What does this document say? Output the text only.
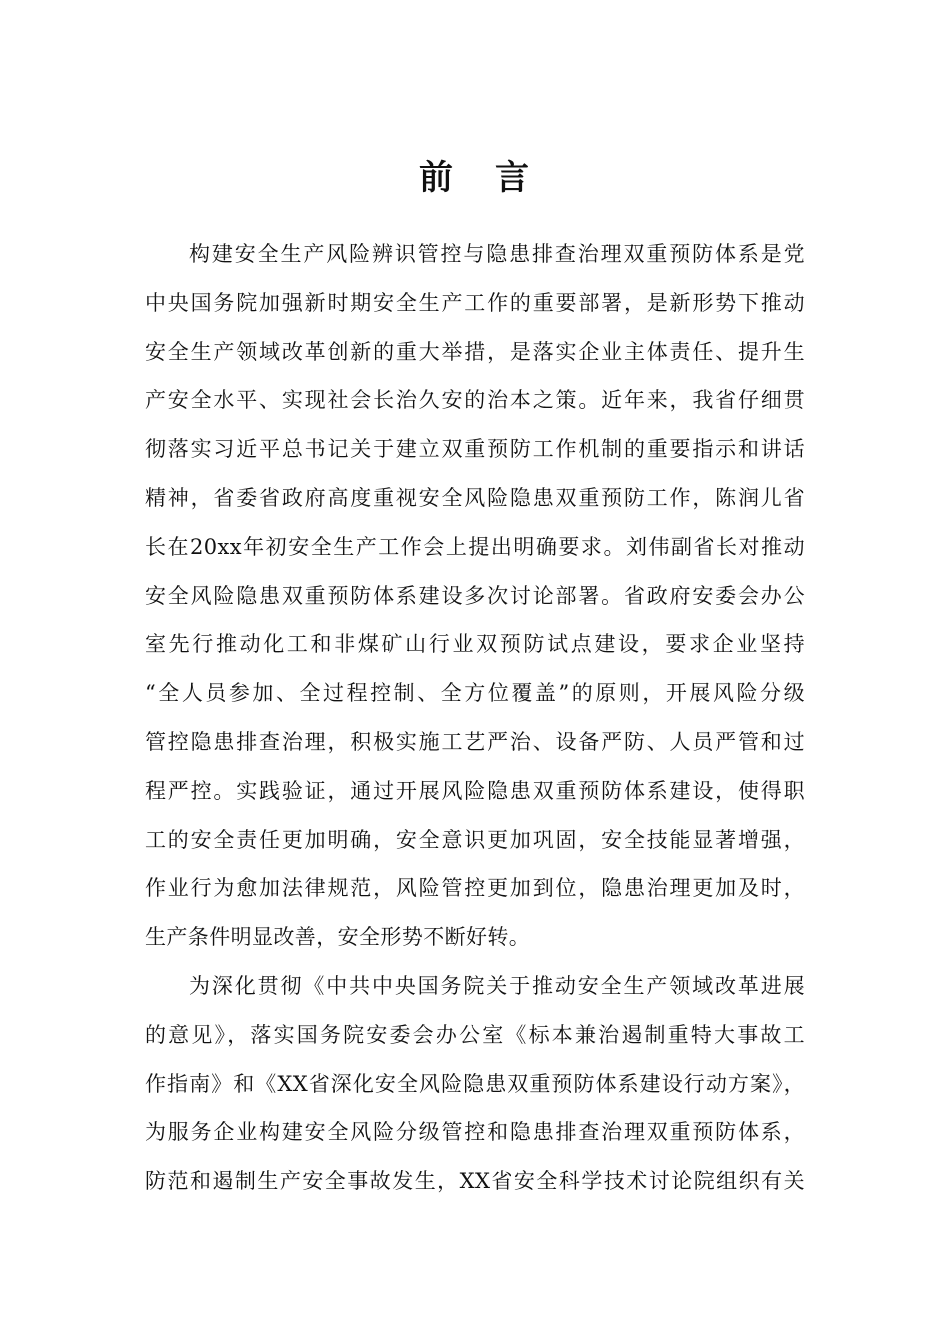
前 言
构建安全生产风险辨识管控与隐患排查治理双重预防体系是党
中央国务院加强新时期安全生产工作的重要部署，是新形势下推动
安全生产领域改革创新的重大举措，是落实企业主体责任、提升生
产安全水平、实现社会长治久安的治本之策。近年来，我省仔细贯
彻落实习近平总书记关于建立双重预防工作机制的重要指示和讲话
精神，省委省政府高度重视安全风险隐患双重预防工作，陈润儿省
长在20xx年初安全生产工作会上提出明确要求。刘伟副省长对推动
安全风险隐患双重预防体系建设多次讨论部署。省政府安委会办公
室先行推动化工和非煤矿山行业双预防试点建设，要求企业坚持
“全人员参加、全过程控制、全方位覆盖”的原则，开展风险分级
管控隐患排查治理，积极实施工艺严治、设备严防、人员严管和过
程严控。实践验证，通过开展风险隐患双重预防体系建设，使得职
工的安全责任更加明确，安全意识更加巩固，安全技能显著增强，
作业行为愈加法律规范，风险管控更加到位，隐患治理更加及时，
生产条件明显改善，安全形势不断好转。
为深化贯彻《中共中央国务院关于推动安全生产领域改革进展
的意见》，落实国务院安委会办公室《标本兼治遏制重特大事故工
作指南》和《XX省深化安全风险隐患双重预防体系建设行动方案》，
为服务企业构建安全风险分级管控和隐患排查治理双重预防体系，
防范和遏制生产安全事故发生，XX省安全科学技术讨论院组织有关
